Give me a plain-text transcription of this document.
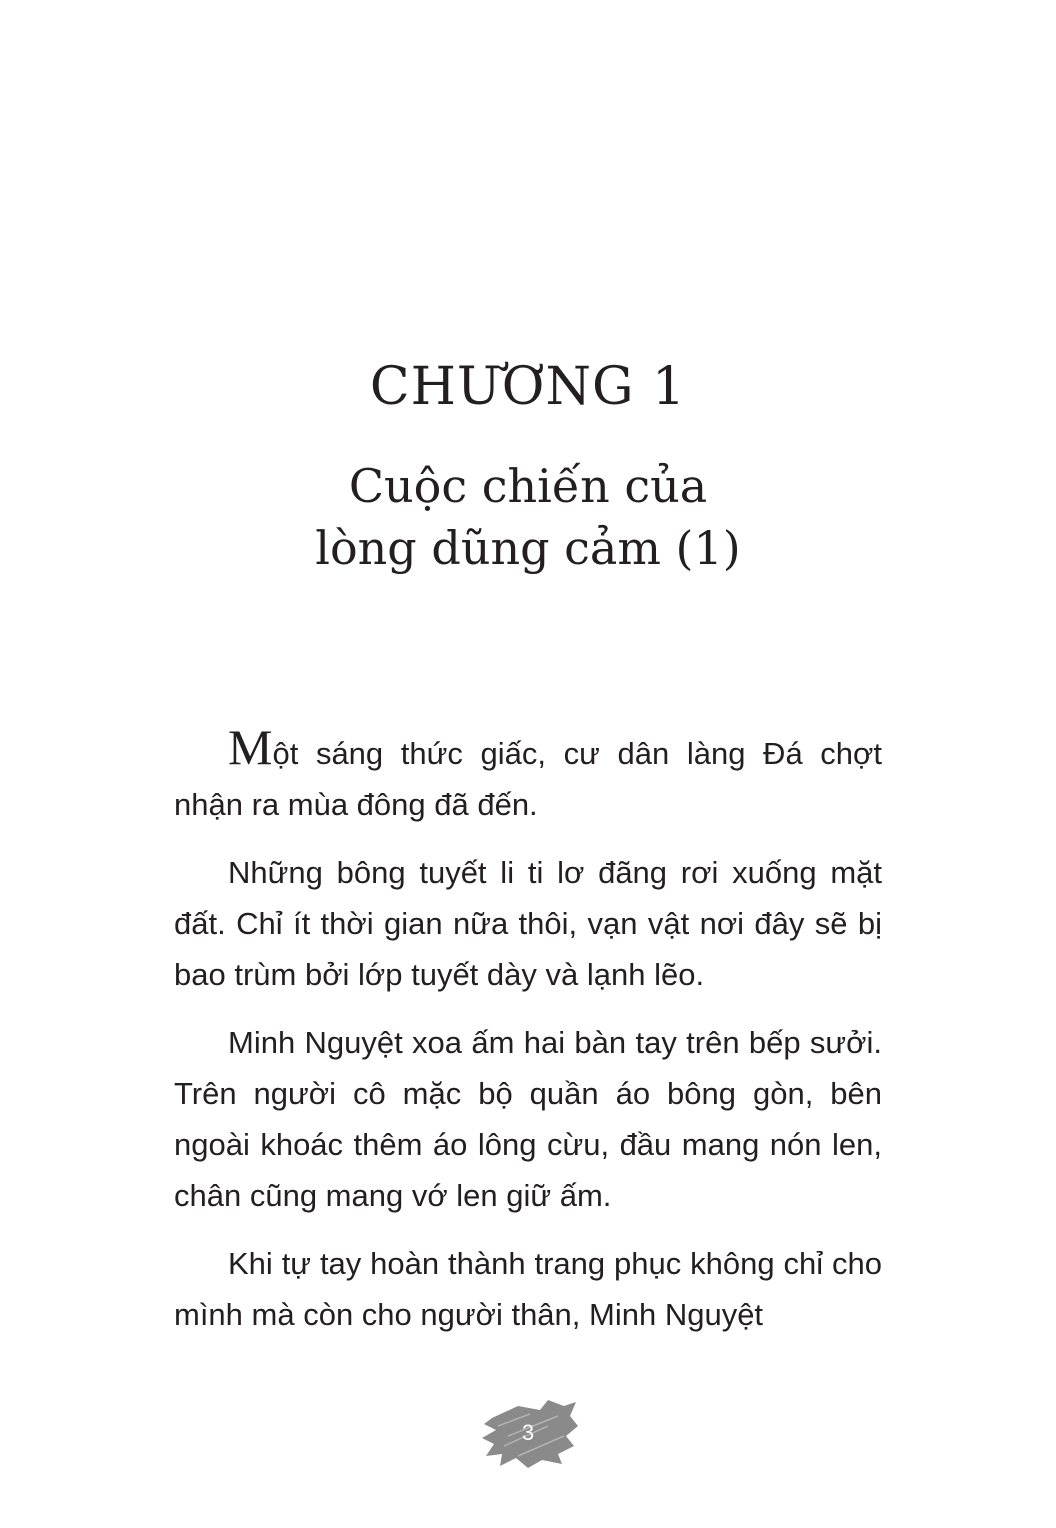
CHƯƠNG 1
Cuộc chiến của
lòng dũng cảm (1)

Một sáng thức giấc, cư dân làng Đá chợt nhận ra mùa đông đã đến.

Những bông tuyết li ti lơ đãng rơi xuống mặt đất. Chỉ ít thời gian nữa thôi, vạn vật nơi đây sẽ bị bao trùm bởi lớp tuyết dày và lạnh lẽo.

Minh Nguyệt xoa ấm hai bàn tay trên bếp sưởi. Trên người cô mặc bộ quần áo bông gòn, bên ngoài khoác thêm áo lông cừu, đầu mang nón len, chân cũng mang vớ len giữ ấm.

Khi tự tay hoàn thành trang phục không chỉ cho mình mà còn cho người thân, Minh Nguyệt

3
